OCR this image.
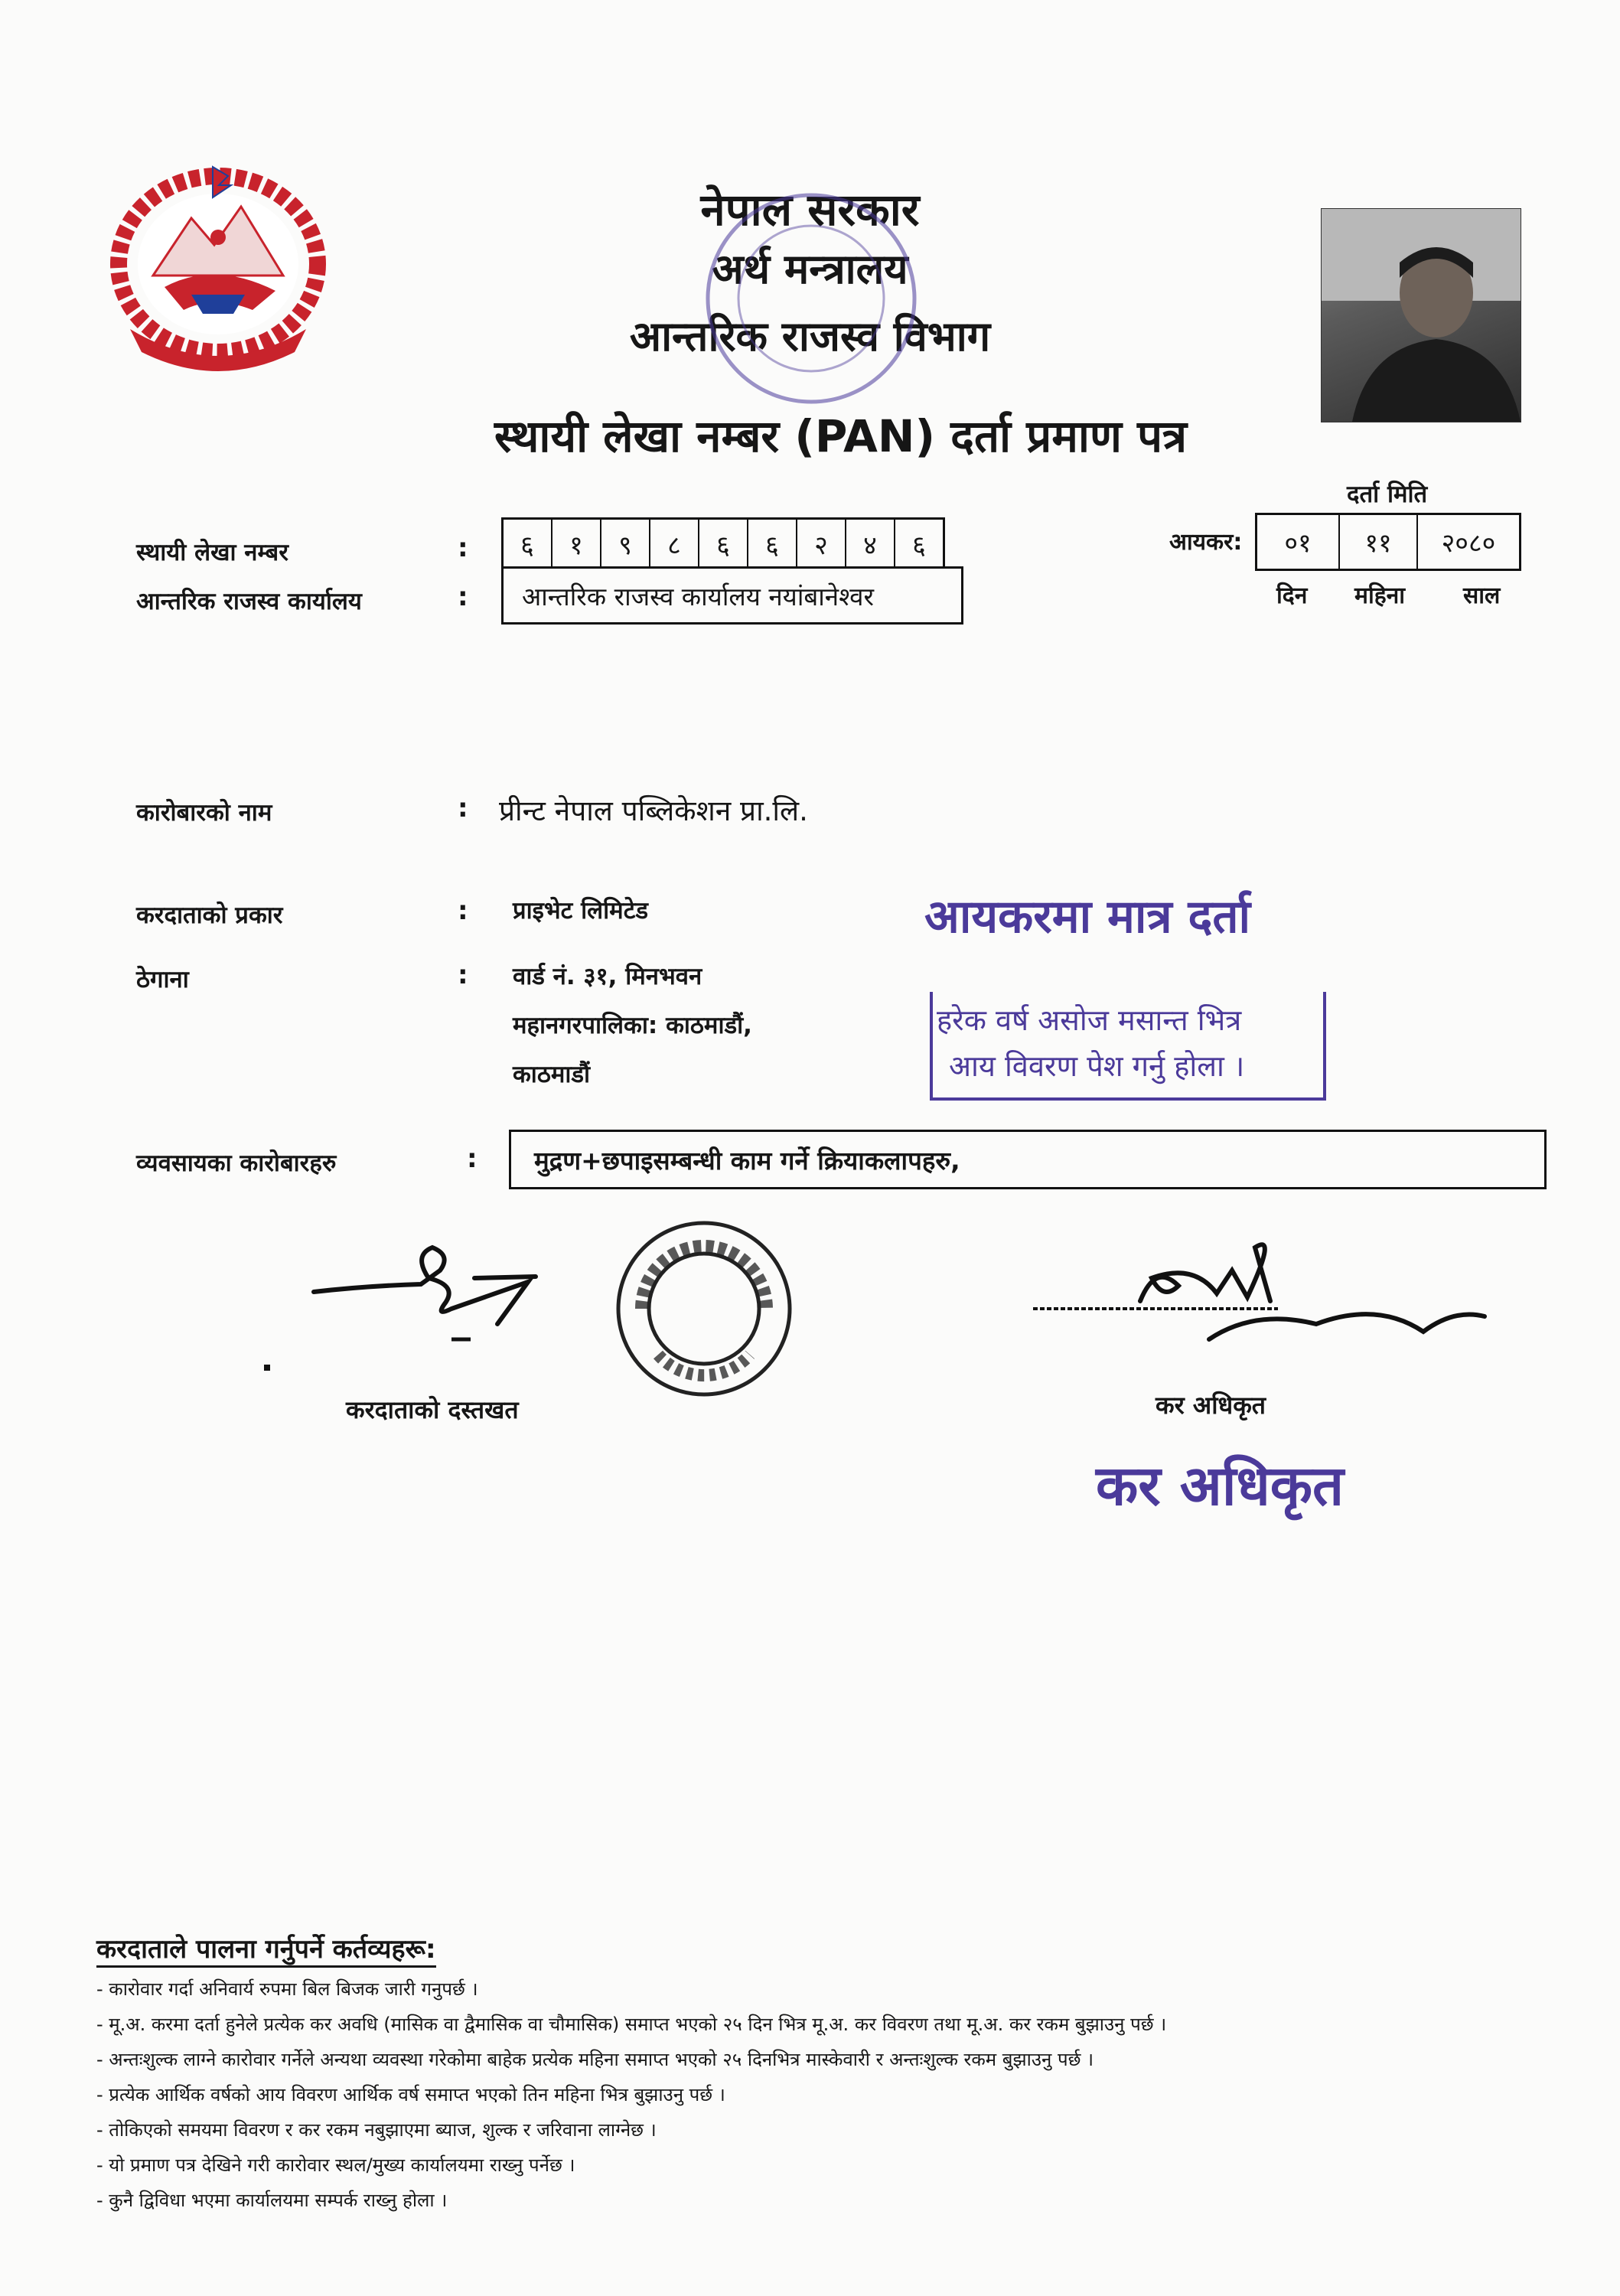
नेपाल सरकार
अर्थ मन्त्रालय
आन्तरिक राजस्व विभाग
स्थायी लेखा नम्बर (PAN) दर्ता प्रमाण पत्र
दर्ता मिति
आयकर:	०१	११	२०८०
दिन महिना	साल
स्थायी लेखा नम्बर	:	६	१	९	८	६	६	२	४	६
आन्तरिक राजस्व कार्यालय	:	आन्तरिक राजस्व कार्यालय नयांबानेश्वर
कारोबारको नाम	: प्रीन्ट नेपाल पब्लिकेशन प्रा.लि.
करदाताको प्रकार	: प्राइभेट लिमिटेड	आयकरमा मात्र दर्ता
ठेगाना	: वार्ड नं. ३१, मिनभवन
महानगरपालिका: काठमाडौं,
काठमाडौं
हरेक वर्ष असोज मसान्त भित्र
आय विवरण पेश गर्नु होला ।
व्यवसायका कारोबारहरु	:	मुद्रण+छपाइसम्बन्धी काम गर्ने क्रियाकलापहरु,
करदाताको दस्तखत	कर अधिकृत
कर अधिकृत
करदाताले पालना गर्नुपर्ने कर्तव्यहरू:
- कारोवार गर्दा अनिवार्य रुपमा बिल बिजक जारी गनुपर्छ ।
- मू.अ. करमा दर्ता हुनेले प्रत्येक कर अवधि (मासिक वा द्वैमासिक वा चौमासिक) समाप्त भएको २५ दिन भित्र मू.अ. कर विवरण तथा मू.अ. कर रकम बुझाउनु पर्छ ।
- अन्तःशुल्क लाग्ने कारोवार गर्नेले अन्यथा व्यवस्था गरेकोमा बाहेक प्रत्येक महिना समाप्त भएको २५ दिनभित्र मास्केवारी र अन्तःशुल्क रकम बुझाउनु पर्छ ।
- प्रत्येक आर्थिक वर्षको आय विवरण आर्थिक वर्ष समाप्त भएको तिन महिना भित्र बुझाउनु पर्छ ।
- तोकिएको समयमा विवरण र कर रकम नबुझाएमा ब्याज, शुल्क र जरिवाना लाग्नेछ ।
- यो प्रमाण पत्र देखिने गरी कारोवार स्थल/मुख्य कार्यालयमा राख्नु पर्नेछ ।
- कुनै द्विविधा भएमा कार्यालयमा सम्पर्क राख्नु होला ।
